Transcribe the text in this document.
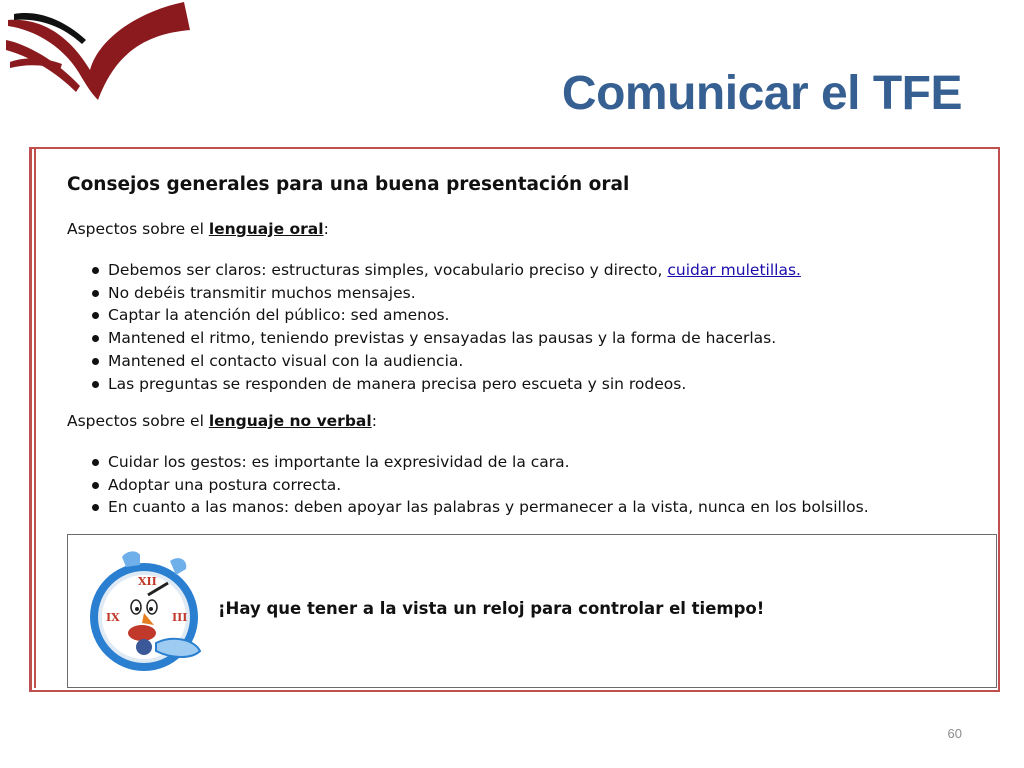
Comunicar el TFE
Consejos generales para una buena presentación oral

Aspectos sobre el lenguaje oral:

Debemos ser claros: estructuras simples, vocabulario preciso y directo, cuidar muletillas.
No debéis transmitir muchos mensajes.
Captar la atención del público: sed amenos.
Mantened el ritmo, teniendo previstas y ensayadas las pausas y la forma de hacerlas.
Mantened el contacto visual con la audiencia.
Las preguntas se responden de manera precisa pero escueta y sin rodeos.

Aspectos sobre el lenguaje no verbal:

Cuidar los gestos: es importante la expresividad de la cara.
Adoptar una postura correcta.
En cuanto a las manos: deben apoyar las palabras y permanecer a la vista, nunca en los bolsillos.
XII
IX	III ¡Hay que tener a la vista un reloj para controlar el tiempo!
60
